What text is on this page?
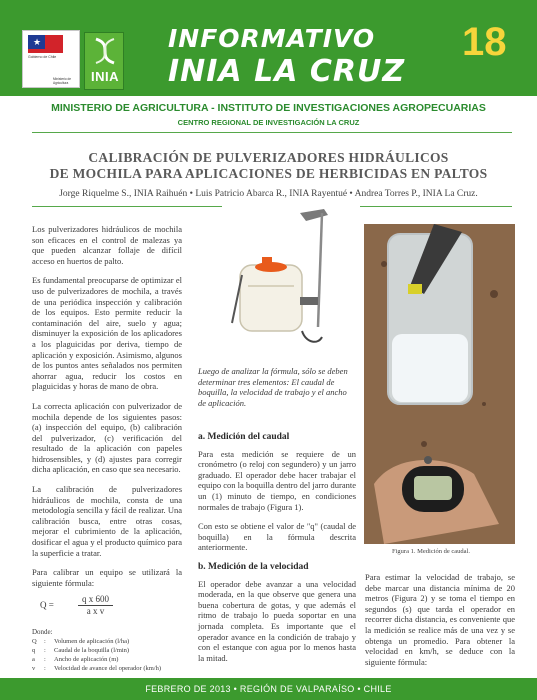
★
Gobierno de Chile
Ministerio de Agricultura	INIA
INFORMATIVO
INIA LA CRUZ
18
MINISTERIO DE AGRICULTURA - INSTITUTO DE INVESTIGACIONES AGROPECUARIAS
CENTRO REGIONAL DE INVESTIGACIÓN LA CRUZ
CALIBRACIÓN DE PULVERIZADORES HIDRÁULICOS
DE MOCHILA PARA APLICACIONES DE HERBICIDAS EN PALTOS
Jorge Riquelme S., INIA Raihuén • Luis Patricio Abarca R., INIA Rayentué • Andrea Torres P., INIA La Cruz.

Los pulverizadores hidráulicos de mochila son eficaces en el control de malezas ya que pueden alcanzar follaje de difícil acceso en huertos de palto.

Es fundamental preocuparse de optimizar el uso de pulverizadores de mochila, a través de una periódica inspección y calibración de los equipos. Esto permite reducir la contaminación del aire, suelo y agua; disminuyer la exposición de los aplicadores a los plaguicidas por deriva, tiempo de aplicación y exposición. Asimismo, algunos de los puntos antes señalados nos permiten ahorrar agua, reducir los costos en plaguicidas y horas de mano de obra.

La correcta aplicación con pulverizador de mochila depende de los siguientes pasos: (a) inspección del equipo, (b) calibración del pulverizador, (c) verificación del resultado de la aplicación con papeles hidrosensibles, y (d) ajustes para corregir dicha aplicación, en caso que sea necesario.

La calibración de pulverizadores hidráulicos de mochila, consta de una metodología sencilla y fácil de realizar. Una calibración busca, entre otras cosas, mejorar el cubrimiento de la aplicación, dosificar el agua y el producto químico para la superficie a tratar.

Para calibrar un equipo se utilizará la siguiente fórmula:

Q =	$\frac{\text{q x 600}}{\text{a x v}}$
Donde:
Q	:	Volumen de aplicación (l/ha)
q	:	Caudal de la boquilla (l/min)
a	:	Ancho de aplicación (m)
v	:	Velocidad de avance del operador (km/h)
Luego de analizar la fórmula, sólo se deben determinar tres elementos: El caudal de boquilla, la velocidad de trabajo y el ancho de aplicación.
a. Medición del caudal

Para esta medición se requiere de un cronómetro (o reloj con segundero) y un jarro graduado. El operador debe hacer trabajar el equipo con la boquilla dentro del jarro durante un (1) minuto de tiempo, en condiciones normales de trabajo (Figura 1).

Con esto se obtiene el valor de "q" (caudal de boquilla) en la fórmula descrita anteriormente.

b. Medición de la velocidad

El operador debe avanzar a una velocidad moderada, en la que observe que genera una buena cobertura de gotas, y que además el ritmo de trabajo lo pueda soportar en una jornada completa. Es importante que el operador avance en la condición de trabajo y con el estanque con agua por lo menos hasta la mitad.

Figura 1. Medición de caudal.

Para estimar la velocidad de trabajo, se debe marcar una distancia mínima de 20 metros (Figura 2) y se toma el tiempo en segundos (s) que tarda el operador en recorrer dicha distancia, es conveniente que la medición se realice más de una vez y se obtenga un promedio. Para obtener la velocidad en km/h, se deduce con la siguiente fórmula:

FEBRERO DE 2013 • REGIÓN DE VALPARAÍSO • CHILE
